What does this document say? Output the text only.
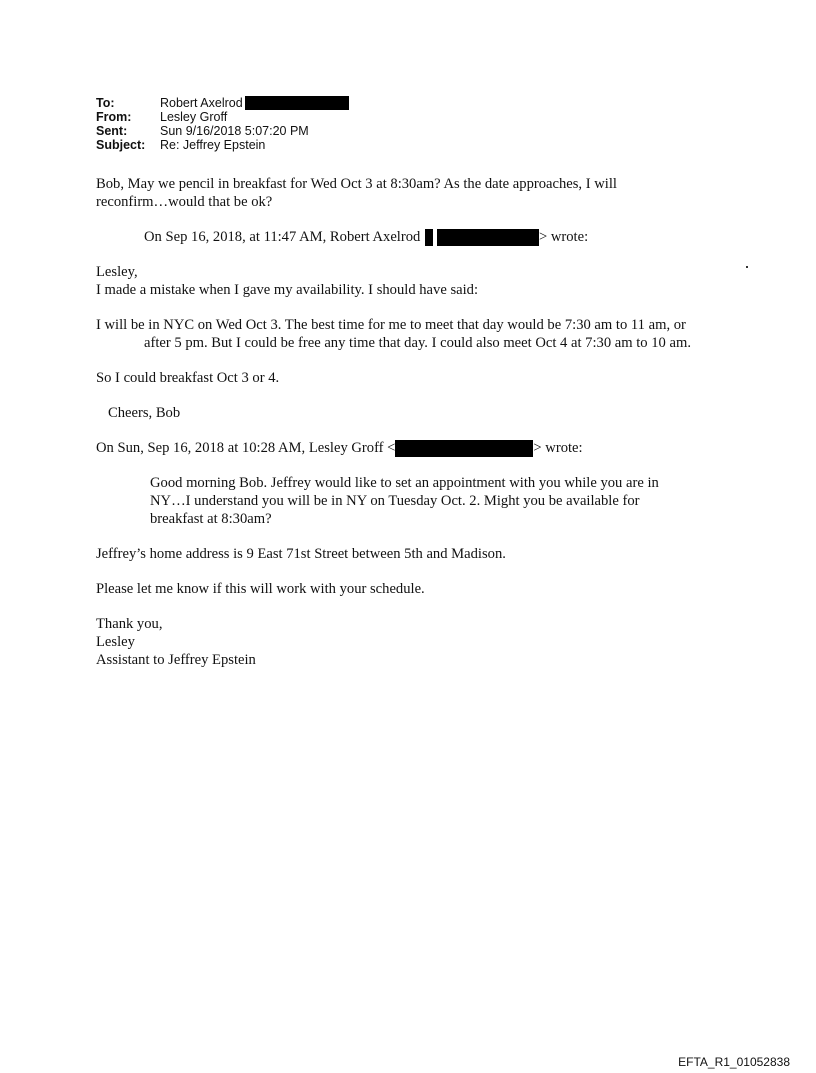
To:	Robert Axelrod
From:	Lesley Groff
Sent:	Sun 9/16/2018 5:07:20 PM
Subject:	Re: Jeffrey Epstein

Bob, May we pencil in breakfast for Wed Oct 3 at 8:30am? As the date approaches, I will reconfirm…would that be ok?

On Sep 16, 2018, at 11:47 AM, Robert Axelrod	> wrote:

Lesley,

I made a mistake when I gave my availability. I should have said:

I will be in NYC on Wed Oct 3. The best time for me to meet that day would be 7:30 am to 11 am, or after 5 pm. But I could be free any time that day. I could also meet Oct 4 at 7:30 am to 10 am.

So I could breakfast Oct 3 or 4.

Cheers, Bob

On Sun, Sep 16, 2018 at 10:28 AM, Lesley Groff <	> wrote:

Good morning Bob. Jeffrey would like to set an appointment with you while you are in NY…I understand you will be in NY on Tuesday Oct. 2. Might you be available for breakfast at 8:30am?

Jeffrey’s home address is 9 East 71st Street between 5th and Madison.

Please let me know if this will work with your schedule.

Thank you,

Lesley

Assistant to Jeffrey Epstein

EFTA_R1_01052838
